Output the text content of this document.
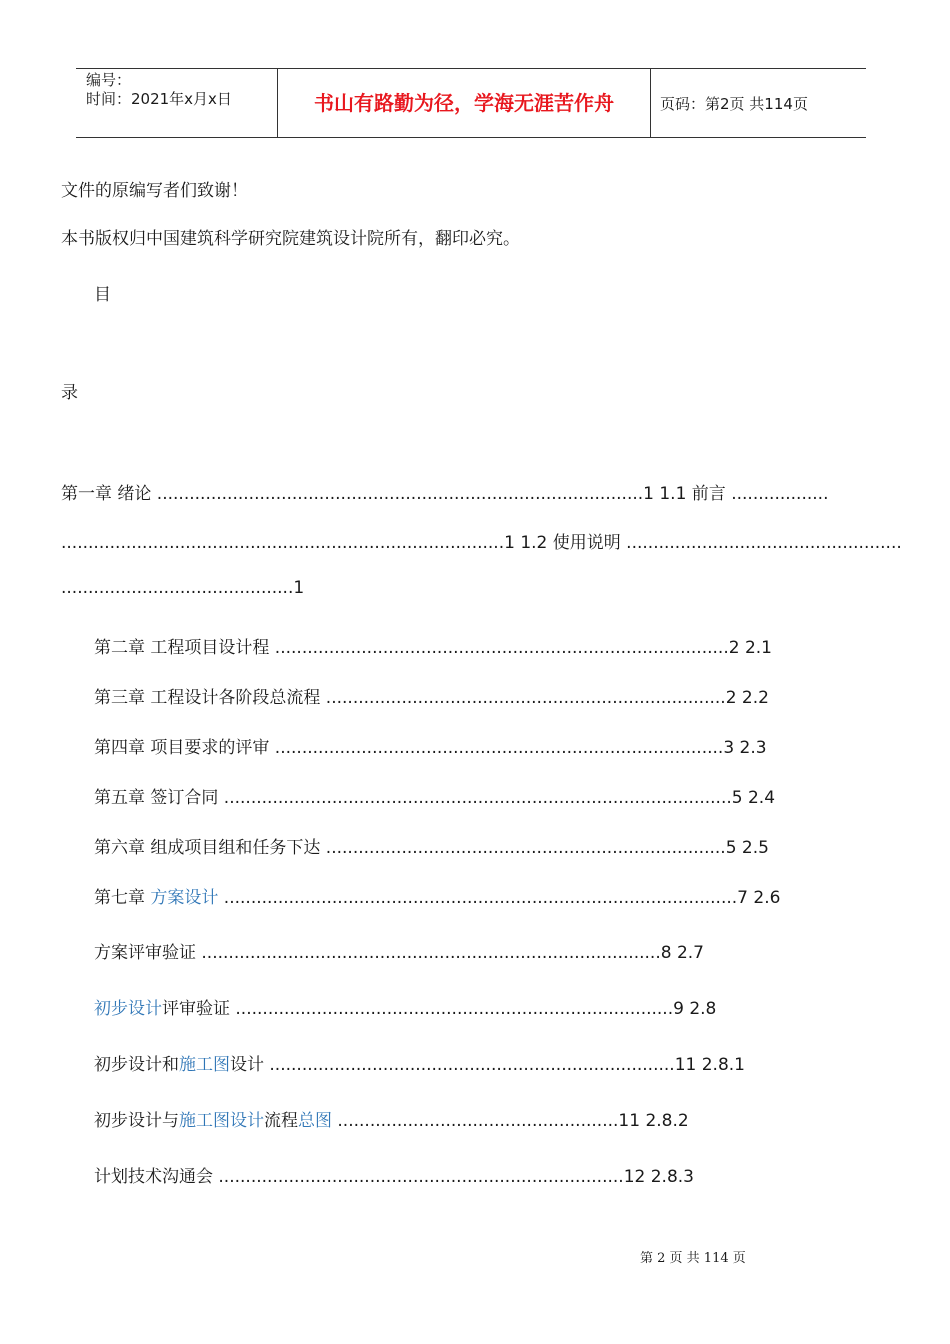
编号：
时间：2021年x月x日	书山有路勤为径，学海无涯苦作舟	页码：第2页 共114页
文件的原编写者们致谢！
本书版权归中国建筑科学研究院建筑设计院所有，翻印必究。
目
录
第一章 绪论 ..........................................................................................1 1.1 前言 ..................
..................................................................................1 1.2 使用说明 ...................................................
...........................................1
第二章 工程项目设计程 ....................................................................................2 2.1
第三章 工程设计各阶段总流程 ..........................................................................2 2.2
第四章 项目要求的评审 ...................................................................................3 2.3
第五章 签订合同 ..............................................................................................5 2.4
第六章 组成项目组和任务下达 ..........................................................................5 2.5
第七章 方案设计 ...............................................................................................7 2.6
方案评审验证 .....................................................................................8 2.7
初步设计评审验证 .................................................................................9 2.8
初步设计和施工图设计 ...........................................................................11 2.8.1
初步设计与施工图设计流程总图 ....................................................11 2.8.2
计划技术沟通会 ...........................................................................12 2.8.3
第 2 页 共 114 页
